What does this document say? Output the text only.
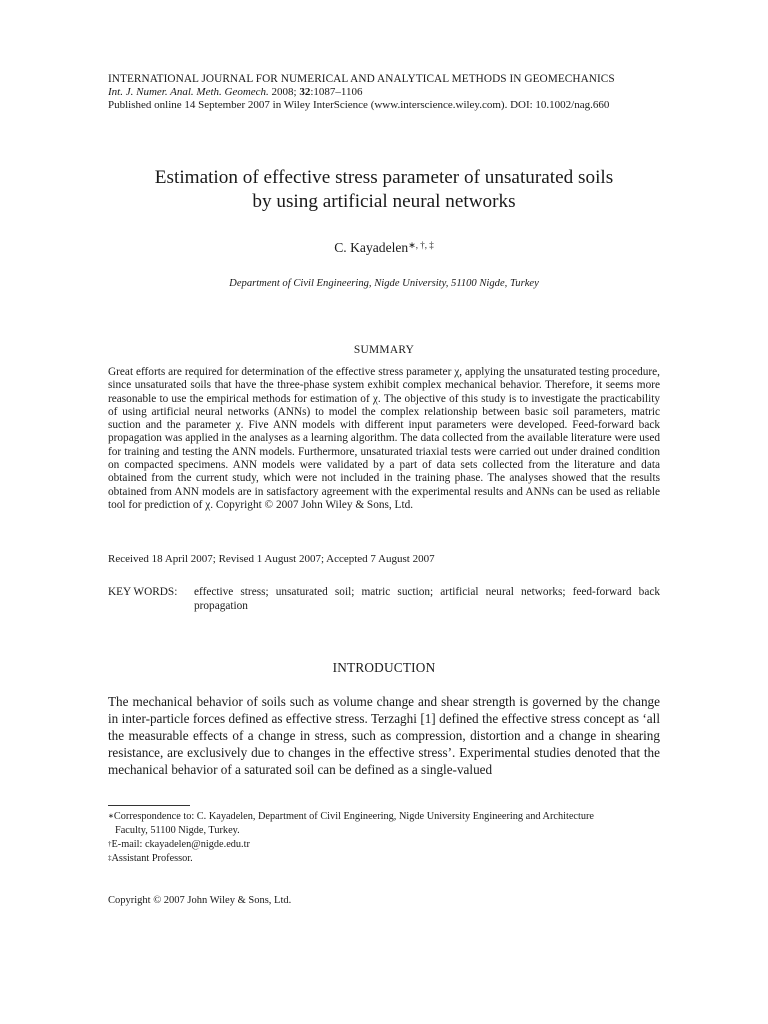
INTERNATIONAL JOURNAL FOR NUMERICAL AND ANALYTICAL METHODS IN GEOMECHANICS
Int. J. Numer. Anal. Meth. Geomech. 2008; 32:1087–1106
Published online 14 September 2007 in Wiley InterScience (www.interscience.wiley.com). DOI: 10.1002/nag.660
Estimation of effective stress parameter of unsaturated soils
by using artificial neural networks
C. Kayadelen∗, †, ‡
Department of Civil Engineering, Nigde University, 51100 Nigde, Turkey
SUMMARY
Great efforts are required for determination of the effective stress parameter χ, applying the unsaturated testing procedure, since unsaturated soils that have the three-phase system exhibit complex mechanical behavior. Therefore, it seems more reasonable to use the empirical methods for estimation of χ. The objective of this study is to investigate the practicability of using artificial neural networks (ANNs) to model the complex relationship between basic soil parameters, matric suction and the parameter χ. Five ANN models with different input parameters were developed. Feed-forward back propagation was applied in the analyses as a learning algorithm. The data collected from the available literature were used for training and testing the ANN models. Furthermore, unsaturated triaxial tests were carried out under drained condition on compacted specimens. ANN models were validated by a part of data sets collected from the literature and data obtained from the current study, which were not included in the training phase. The analyses showed that the results obtained from ANN models are in satisfactory agreement with the experimental results and ANNs can be used as reliable tool for prediction of χ. Copyright © 2007 John Wiley & Sons, Ltd.
Received 18 April 2007; Revised 1 August 2007; Accepted 7 August 2007
KEY WORDS: effective stress; unsaturated soil; matric suction; artificial neural networks; feed-forward back propagation
INTRODUCTION
The mechanical behavior of soils such as volume change and shear strength is governed by the change in inter-particle forces defined as effective stress. Terzaghi [1] defined the effective stress concept as ‘all the measurable effects of a change in stress, such as compression, distortion and a change in shearing resistance, are exclusively due to changes in the effective stress’. Experimental studies denoted that the mechanical behavior of a saturated soil can be defined as a single-valued
∗Correspondence to: C. Kayadelen, Department of Civil Engineering, Nigde University Engineering and Architecture
Faculty, 51100 Nigde, Turkey.
†E-mail: ckayadelen@nigde.edu.tr
‡Assistant Professor.
Copyright © 2007 John Wiley & Sons, Ltd.
